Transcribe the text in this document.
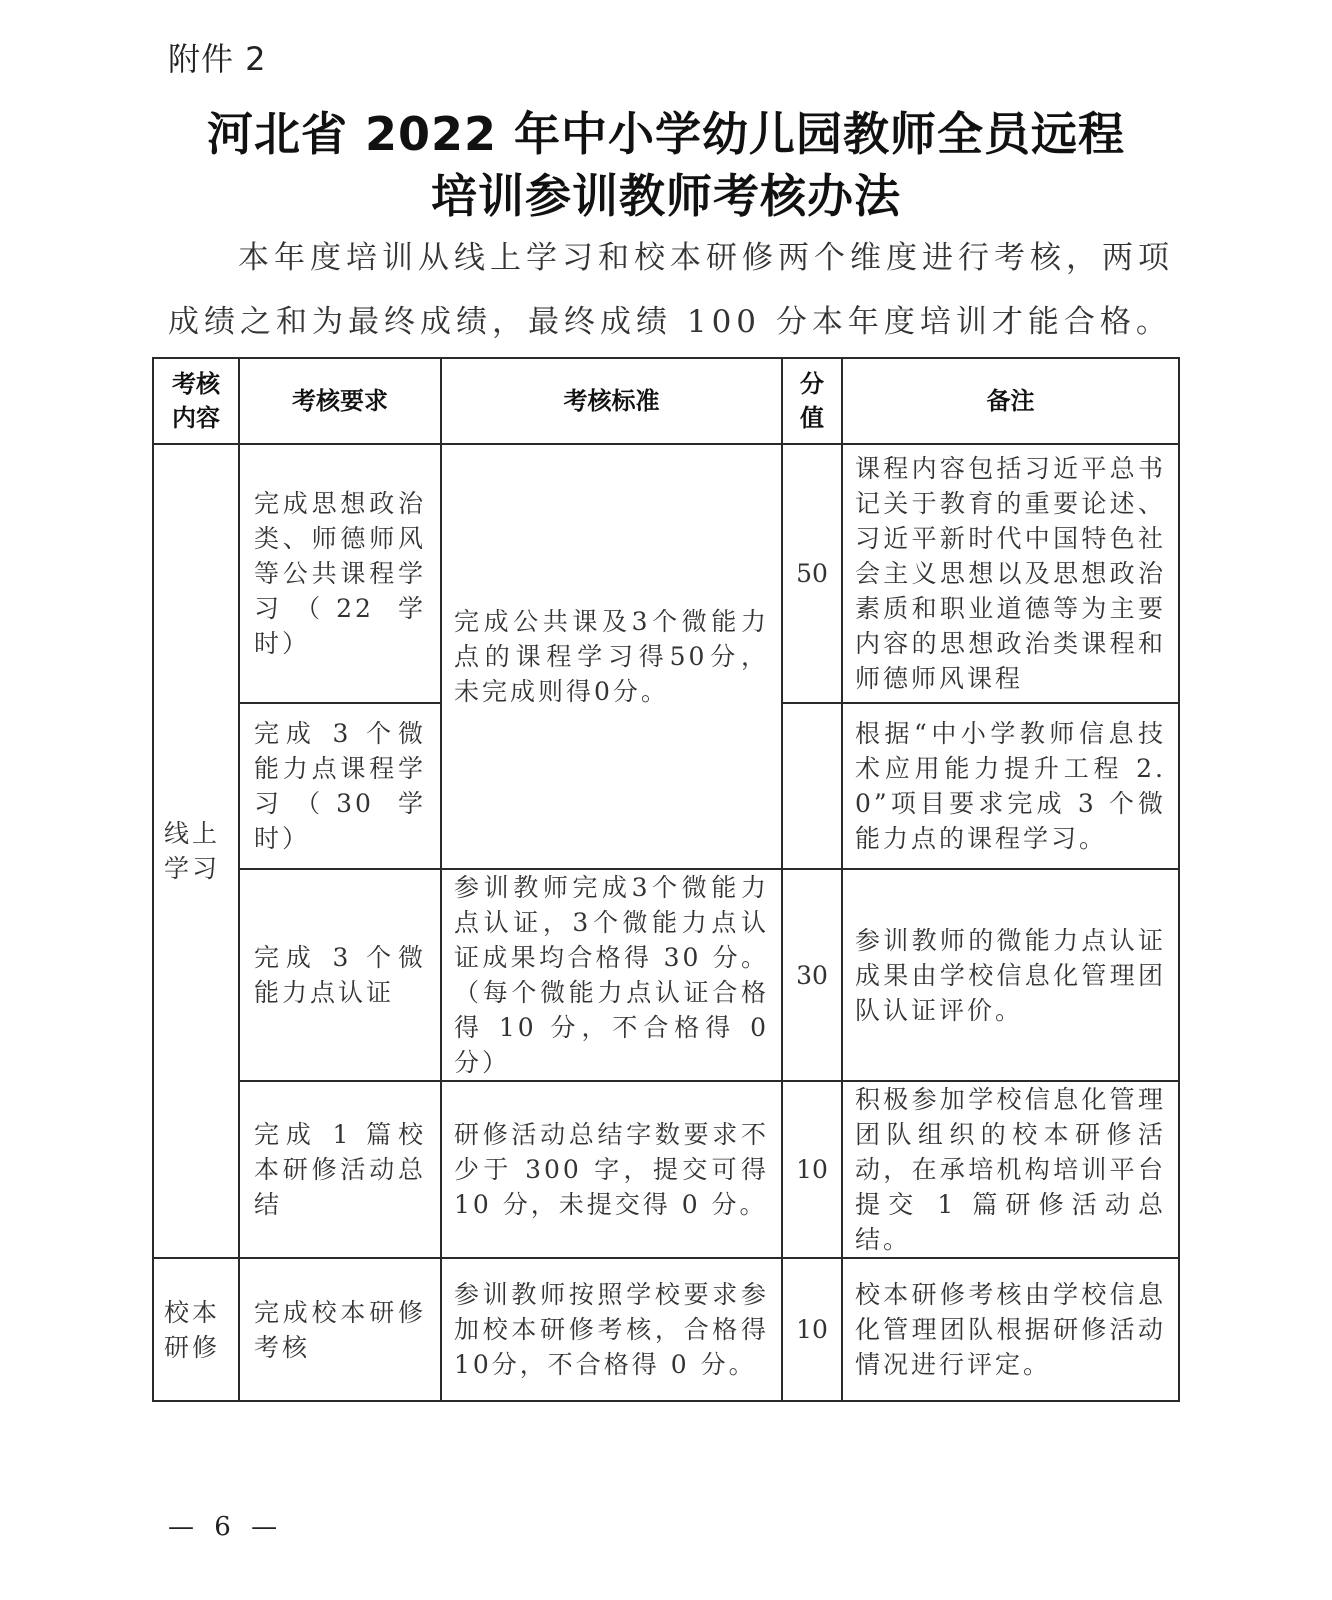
附件 2
河北省 2022 年中小学幼儿园教师全员远程
培训参训教师考核办法
本年度培训从线上学习和校本研修两个维度进行考核，两项
成绩之和为最终成绩，最终成绩 100 分本年度培训才能合格。
考核内容	考核要求	考核标准	分值	备注

线上学习	完成思想政治类、师德师风等公共课程学习（22 学时）	完成公共课及3个微能力点的课程学习得50分，未完成则得0分。	50	课程内容包括习近平总书记关于教育的重要论述、习近平新时代中国特色社会主义思想以及思想政治素质和职业道德等为主要内容的思想政治类课程和师德师风课程

	完成 3 个微能力点课程学习（30 学时）			根据“中小学教师信息技术应用能力提升工程 2.0”项目要求完成 3 个微能力点的课程学习。

	完成 3 个微能力点认证	参训教师完成3个微能力点认证，3个微能力点认证成果均合格得 30 分。（每个微能力点认证合格得 10 分，不合格得 0 分）	30	参训教师的微能力点认证成果由学校信息化管理团队认证评价。

	完成 1 篇校本研修活动总结	研修活动总结字数要求不少于 300 字，提交可得 10 分，未提交得 0 分。	10	积极参加学校信息化管理团队组织的校本研修活动，在承培机构培训平台提交 1 篇研修活动总结。

校本研修	完成校本研修考核	参训教师按照学校要求参加校本研修考核，合格得10分，不合格得 0 分。	10	校本研修考核由学校信息化管理团队根据研修活动情况进行评定。
— 6 —
